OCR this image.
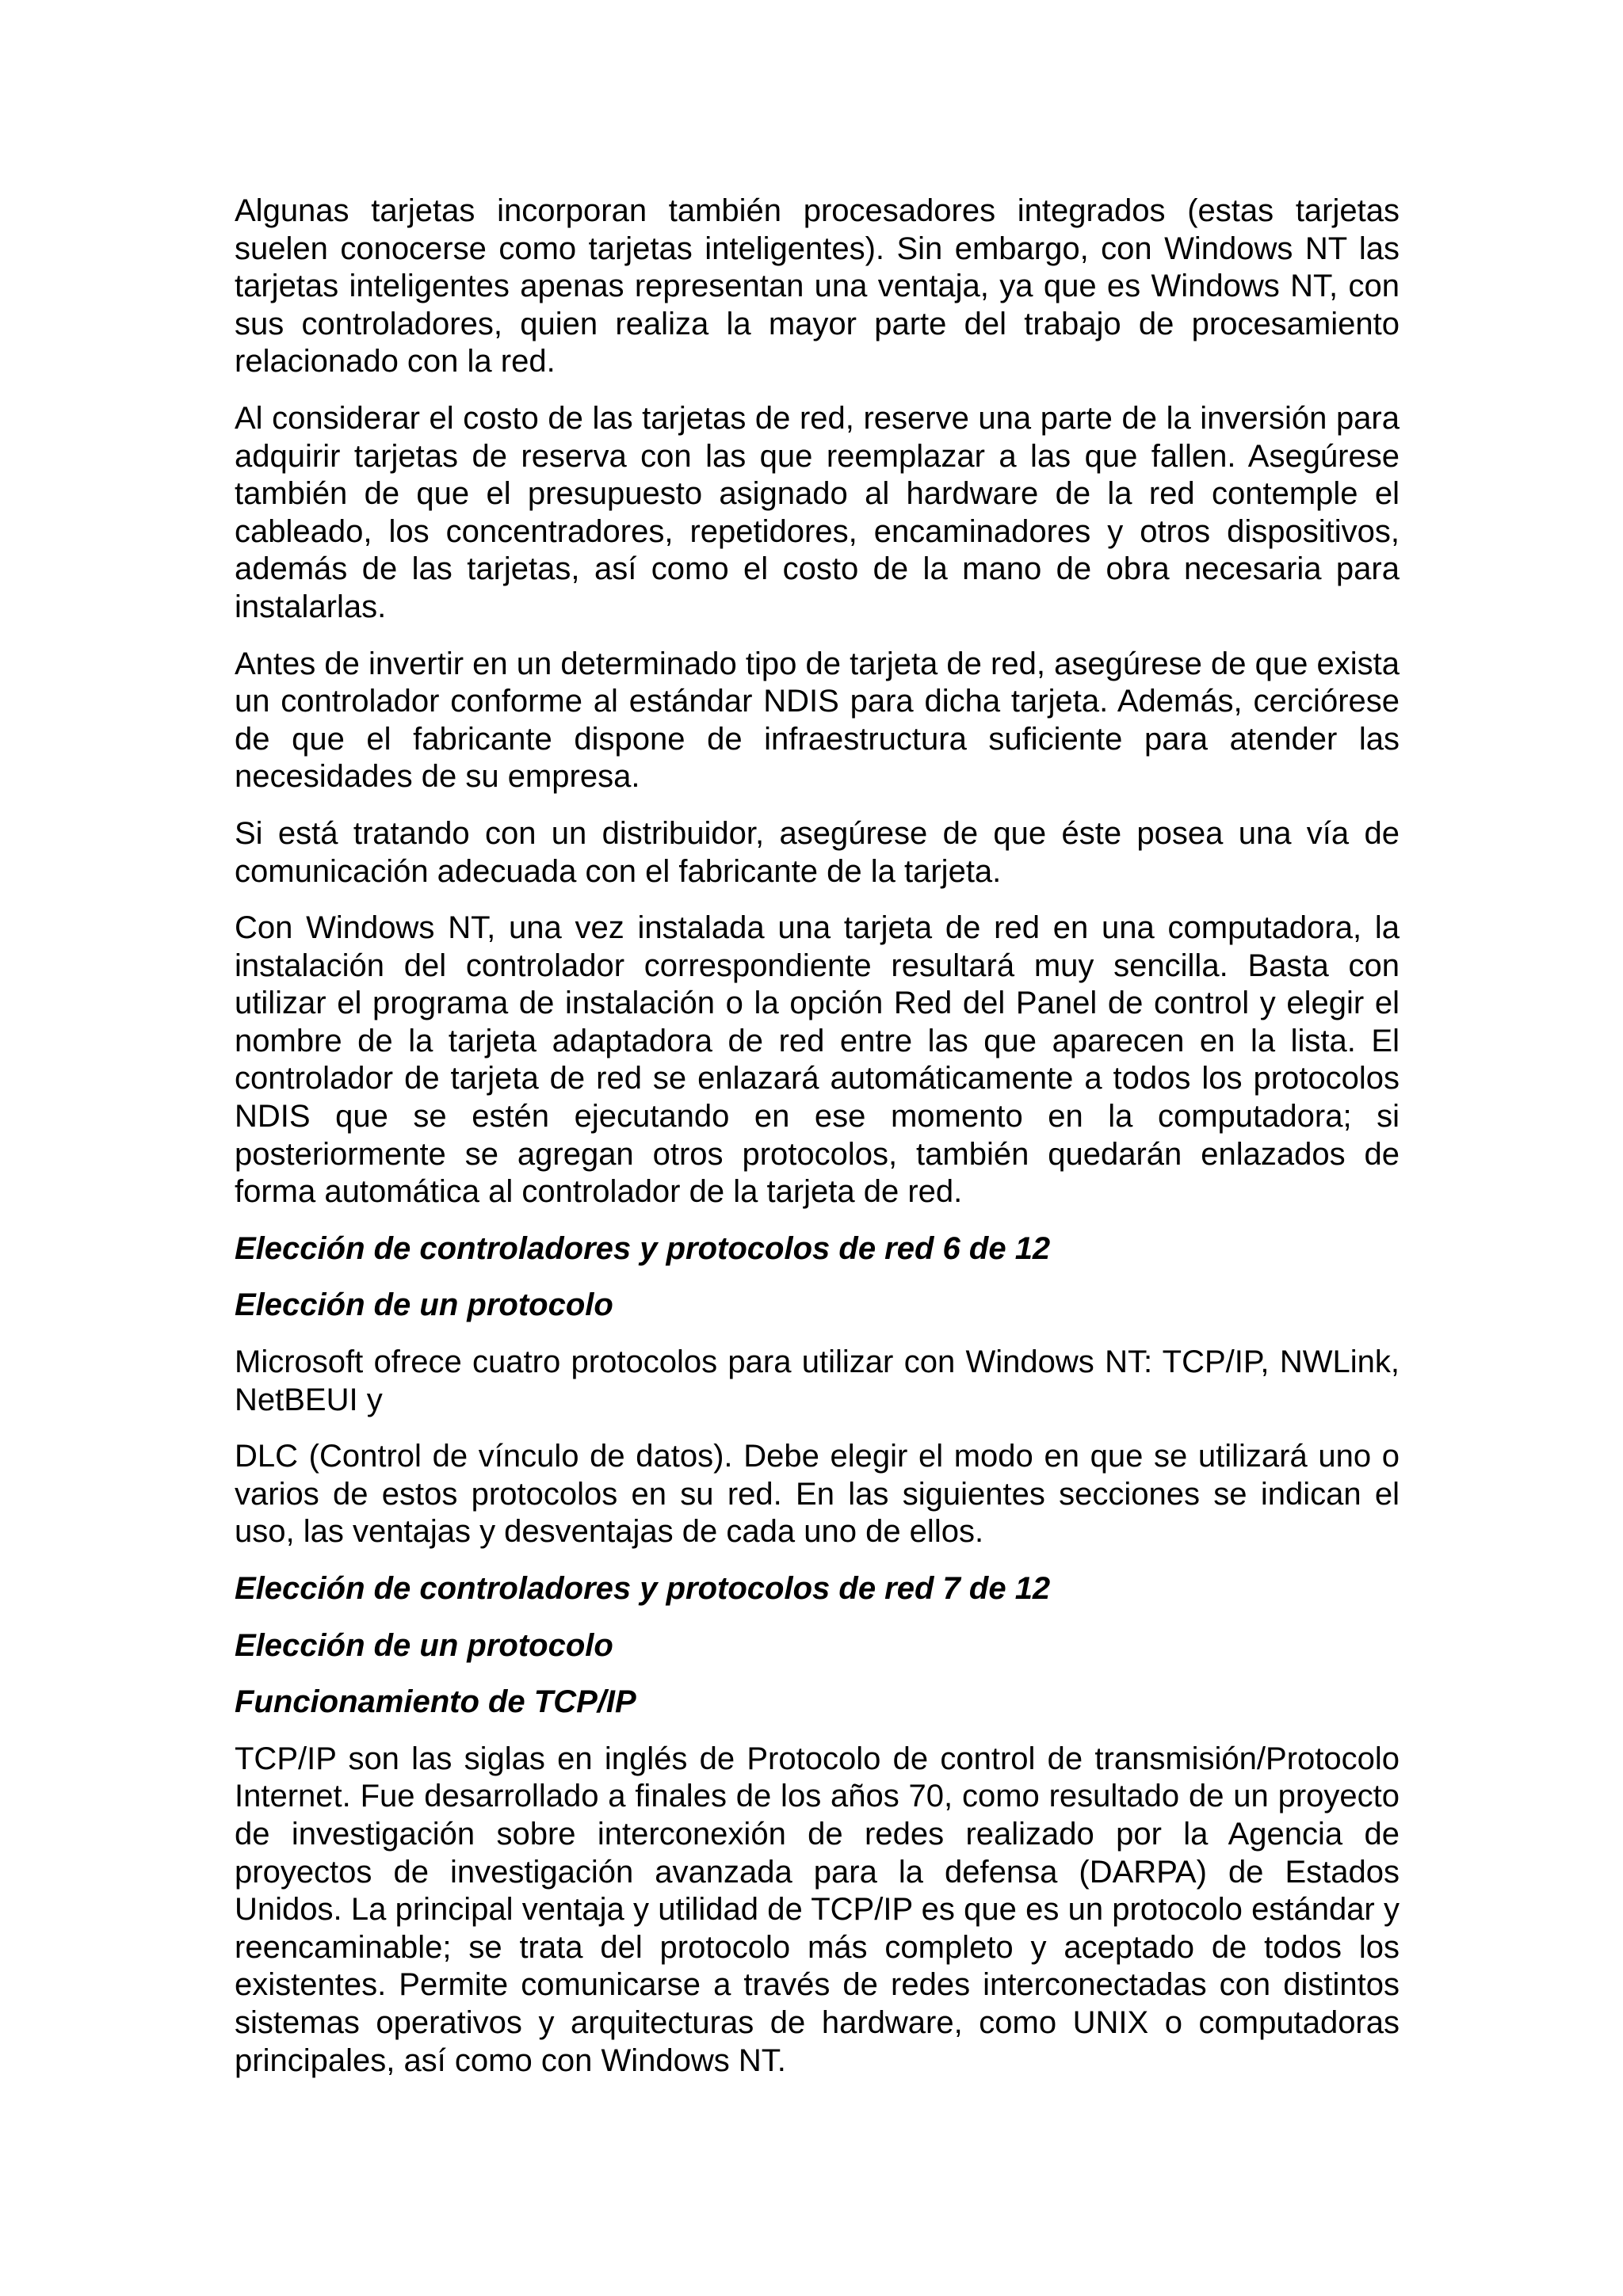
Algunas tarjetas incorporan también procesadores integrados (estas tarjetas suelen conocerse como tarjetas inteligentes). Sin embargo, con Windows NT las tarjetas inteligentes apenas representan una ventaja, ya que es Windows NT, con sus controladores, quien realiza la mayor parte del trabajo de procesamiento relacionado con la red.

Al considerar el costo de las tarjetas de red, reserve una parte de la inversión para adquirir tarjetas de reserva con las que reemplazar a las que fallen. Asegúrese también de que el presupuesto asignado al hardware de la red contemple el cableado, los concentradores, repetidores, encaminadores y otros dispositivos, además de las tarjetas, así como el costo de la mano de obra necesaria para instalarlas.

Antes de invertir en un determinado tipo de tarjeta de red, asegúrese de que exista un controlador conforme al estándar NDIS para dicha tarjeta. Además, cerciórese de que el fabricante dispone de infraestructura suficiente para atender las necesidades de su empresa.

Si está tratando con un distribuidor, asegúrese de que éste posea una vía de comunicación adecuada con el fabricante de la tarjeta.

Con Windows NT, una vez instalada una tarjeta de red en una computadora, la instalación del controlador correspondiente resultará muy sencilla. Basta con utilizar el programa de instalación o la opción Red del Panel de control y elegir el nombre de la tarjeta adaptadora de red entre las que aparecen en la lista. El controlador de tarjeta de red se enlazará automáticamente a todos los protocolos NDIS que se estén ejecutando en ese momento en la computadora; si posteriormente se agregan otros protocolos, también quedarán enlazados de forma automática al controlador de la tarjeta de red.

Elección de controladores y protocolos de red 6 de 12
Elección de un protocolo

Microsoft ofrece cuatro protocolos para utilizar con Windows NT: TCP/IP, NWLink, NetBEUI y

DLC (Control de vínculo de datos). Debe elegir el modo en que se utilizará uno o varios de estos protocolos en su red. En las siguientes secciones se indican el uso, las ventajas y desventajas de cada uno de ellos.

Elección de controladores y protocolos de red 7 de 12
Elección de un protocolo
Funcionamiento de TCP/IP

TCP/IP son las siglas en inglés de Protocolo de control de transmisión/Protocolo Internet. Fue desarrollado a finales de los años 70, como resultado de un proyecto de investigación sobre interconexión de redes realizado por la Agencia de proyectos de investigación avanzada para la defensa (DARPA) de Estados Unidos. La principal ventaja y utilidad de TCP/IP es que es un protocolo estándar y reencaminable; se trata del protocolo más completo y aceptado de todos los existentes. Permite comunicarse a través de redes interconectadas con distintos sistemas operativos y arquitecturas de hardware, como UNIX o computadoras principales, así como con Windows NT.
